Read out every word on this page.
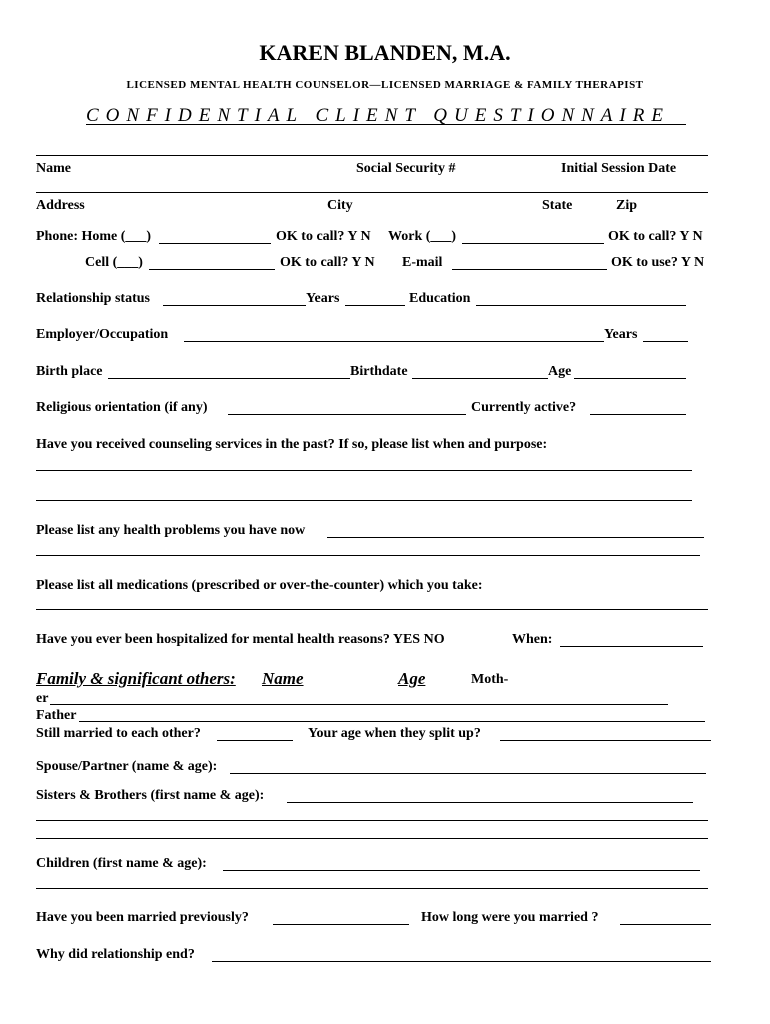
KAREN BLANDEN, M.A.
LICENSED MENTAL HEALTH COUNSELOR—LICENSED MARRIAGE & FAMILY THERAPIST
CONFIDENTIAL CLIENT QUESTIONNAIRE
Name	Social Security #	Initial Session Date
Address	City	State	Zip
Phone: Home (___)	OK to call? Y N Work (___)	OK to call? Y N
Cell (___)	OK to call? Y N E-mail	OK to use? Y N
Relationship status	Years	Education
Employer/Occupation	Years
Birth place	Birthdate	Age
Religious orientation (if any)	Currently active?
Have you received counseling services in the past? If so, please list when and purpose:
Please list any health problems you have now
Please list all medications (prescribed or over-the-counter) which you take:
Have you ever been hospitalized for mental health reasons? YES NO	When:
Family & significant others: Name	Age	Moth-
er
Father
Still married to each other?	Your age when they split up?
Spouse/Partner (name & age):
Sisters & Brothers (first name & age):
Children (first name & age):
Have you been married previously?	How long were you married ?
Why did relationship end?
